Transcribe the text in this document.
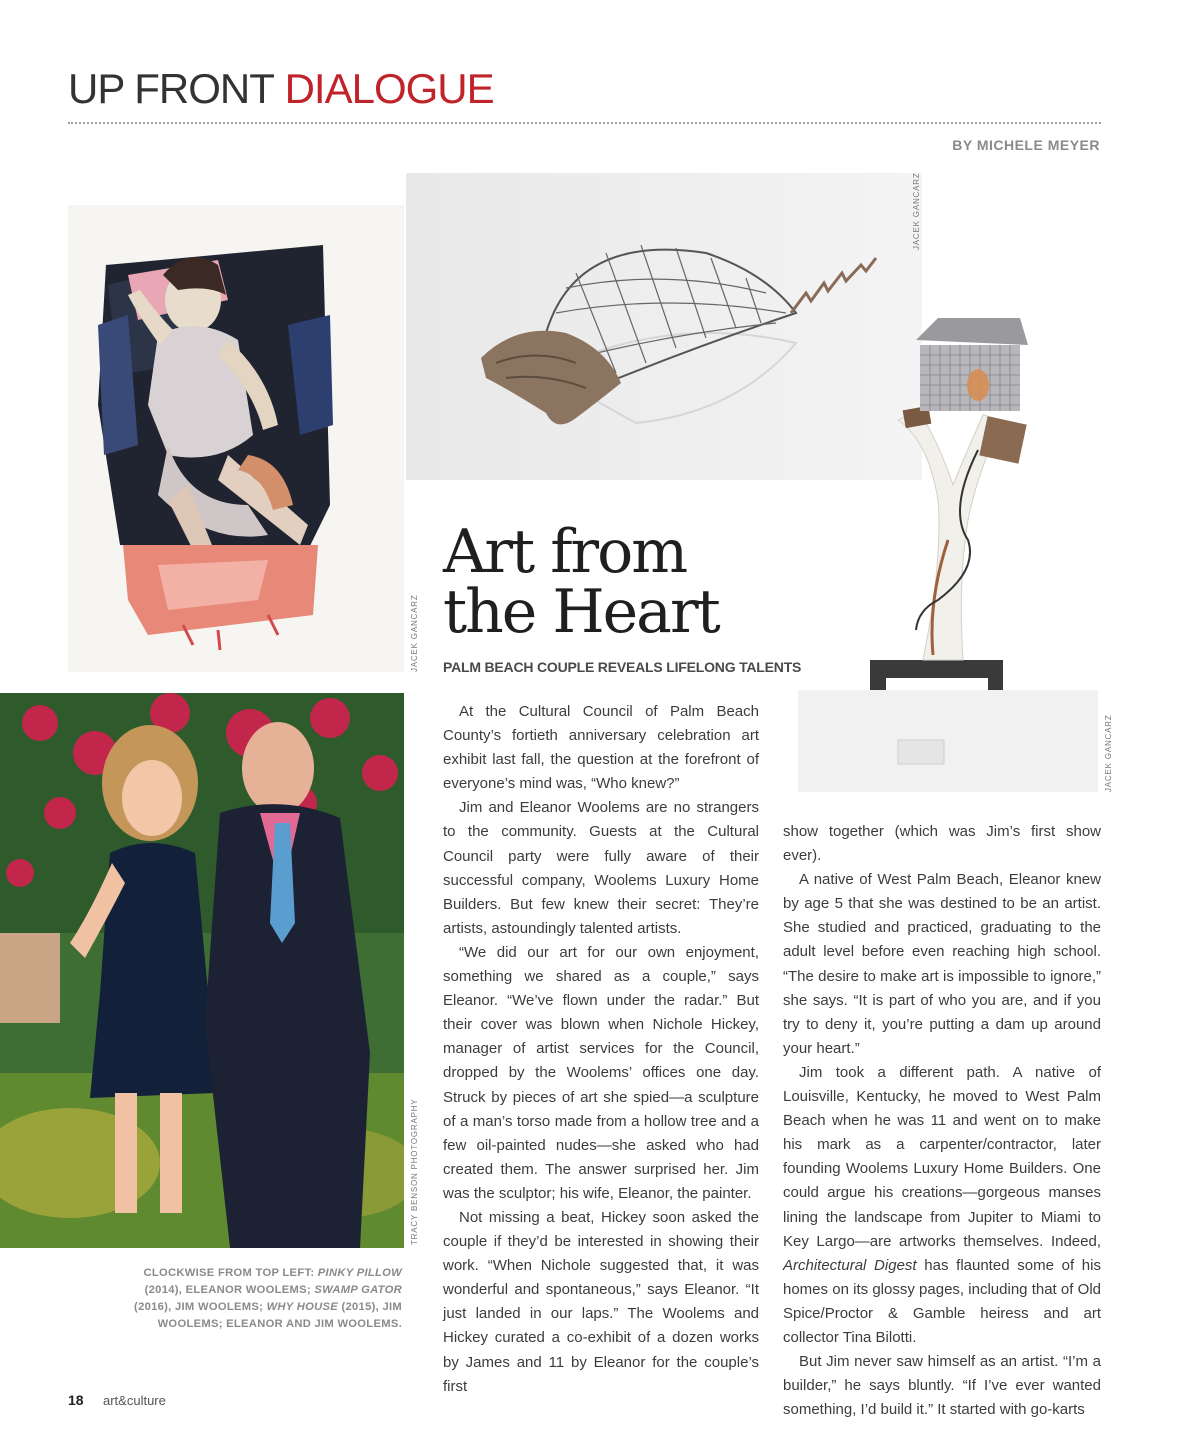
UP FRONT DIALOGUE
BY MICHELE MEYER
JACEK GANCARZ
JACEK GANCARZ
JACEK GANCARZ
TRACY BENSON PHOTOGRAPHY
Art from
the Heart
PALM BEACH COUPLE REVEALS LIFELONG TALENTS

At the Cultural Council of Palm Beach County’s fortieth anniversary celebration art exhibit last fall, the question at the forefront of everyone’s mind was, “Who knew?”

Jim and Eleanor Woolems are no strangers to the community. Guests at the Cultural Council party were fully aware of their successful company, Woolems Luxury Home Builders. But few knew their secret: They’re artists, astoundingly talented artists.

“We did our art for our own enjoyment, something we shared as a couple,” says Eleanor. “We’ve flown under the radar.” But their cover was blown when Nichole Hickey, manager of artist services for the Council, dropped by the Woolems’ offices one day. Struck by pieces of art she spied—a sculpture of a man’s torso made from a hollow tree and a few oil-painted nudes—she asked who had created them. The answer surprised her. Jim was the sculptor; his wife, Eleanor, the painter.

Not missing a beat, Hickey soon asked the couple if they’d be interested in showing their work. “When Nichole suggested that, it was wonderful and spontaneous,” says Eleanor. “It just landed in our laps.” The Woolems and Hickey curated a co-exhibit of a dozen works by James and 11 by Eleanor for the couple’s first

show together (which was Jim’s first show ever).

A native of West Palm Beach, Eleanor knew by age 5 that she was destined to be an artist. She studied and practiced, graduating to the adult level before even reaching high school. “The desire to make art is impossible to ignore,” she says. “It is part of who you are, and if you try to deny it, you’re putting a dam up around your heart.”

Jim took a different path. A native of Louisville, Kentucky, he moved to West Palm Beach when he was 11 and went on to make his mark as a carpenter/contractor, later founding Woolems Luxury Home Builders. One could argue his creations—gorgeous manses lining the landscape from Jupiter to Miami to Key Largo—are artworks themselves. Indeed, Architectural Digest has flaunted some of his homes on its glossy pages, including that of Old Spice/Proctor & Gamble heiress and art collector Tina Bilotti.

But Jim never saw himself as an artist. “I’m a builder,” he says bluntly. “If I’ve ever wanted something, I’d build it.” It started with go-karts

CLOCKWISE FROM TOP LEFT: PINKY PILLOW (2014), ELEANOR WOOLEMS; SWAMP GATOR (2016), JIM WOOLEMS; WHY HOUSE (2015), JIM WOOLEMS; ELEANOR AND JIM WOOLEMS.
18 art&culture
